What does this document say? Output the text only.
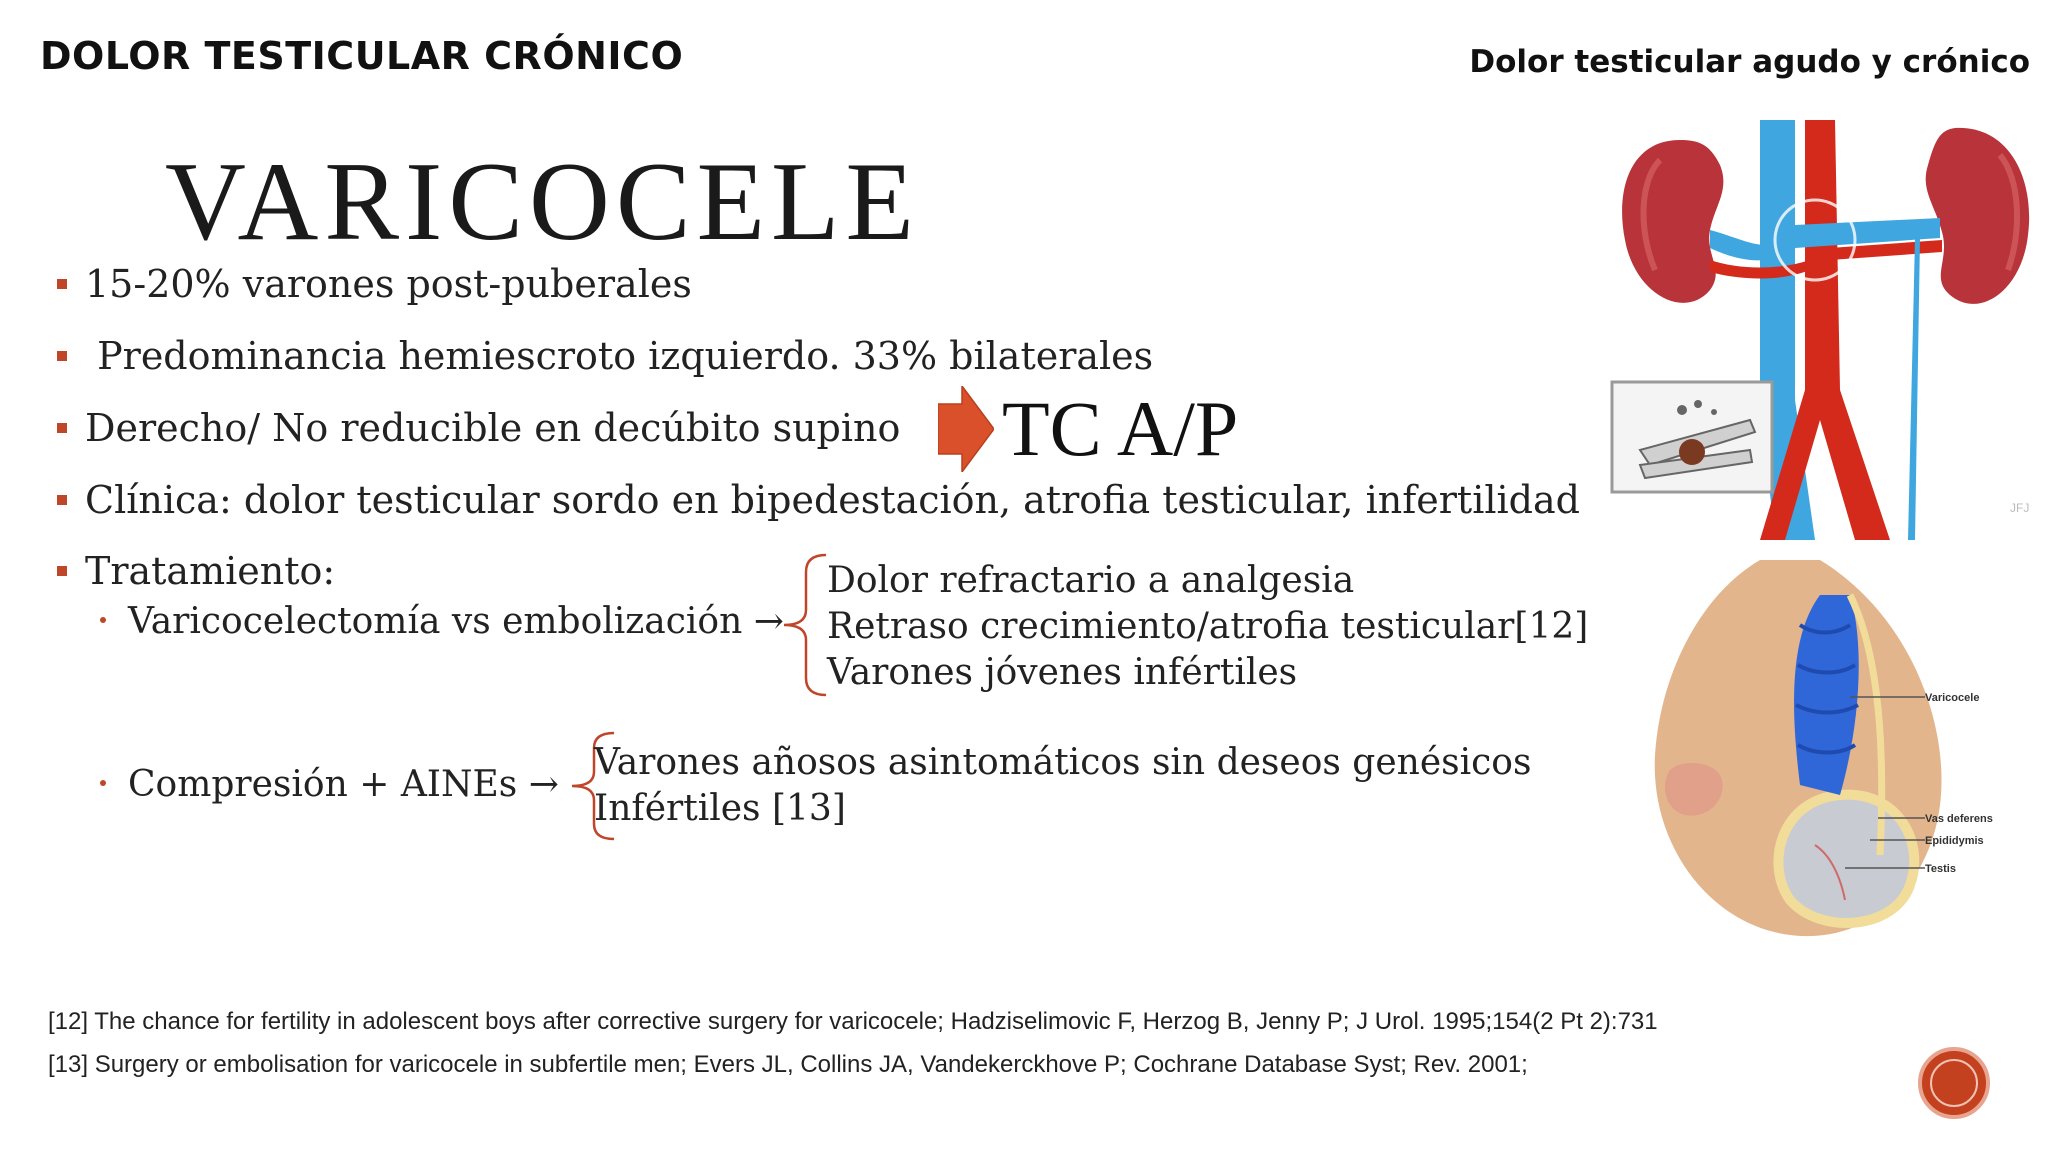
DOLOR TESTICULAR CRÓNICO	Dolor testicular agudo y crónico
VARICOCELE
15-20% varones post-puberales
Predominancia hemiescroto izquierdo. 33% bilaterales
Derecho/ No reducible en decúbito supino
Clínica: dolor testicular sordo en bipedestación, atrofia testicular, infertilidad
Tratamiento:
TC A/P
Varicocelectomía vs embolización →
Dolor refractario a analgesia
Retraso crecimiento/atrofia testicular[12]
Varones jóvenes infértiles
Compresión + AINEs →
Varones añosos asintomáticos sin deseos genésicos
Infértiles [13]
JFJ
Varicocele
Vas deferens
Epididymis
Testis
[12] The chance for fertility in adolescent boys after corrective surgery for varicocele; Hadziselimovic F, Herzog B, Jenny P; J Urol. 1995;154(2 Pt 2):731
[13] Surgery or embolisation for varicocele in subfertile men; Evers JL, Collins JA, Vandekerckhove P; Cochrane Database Syst; Rev. 2001;
